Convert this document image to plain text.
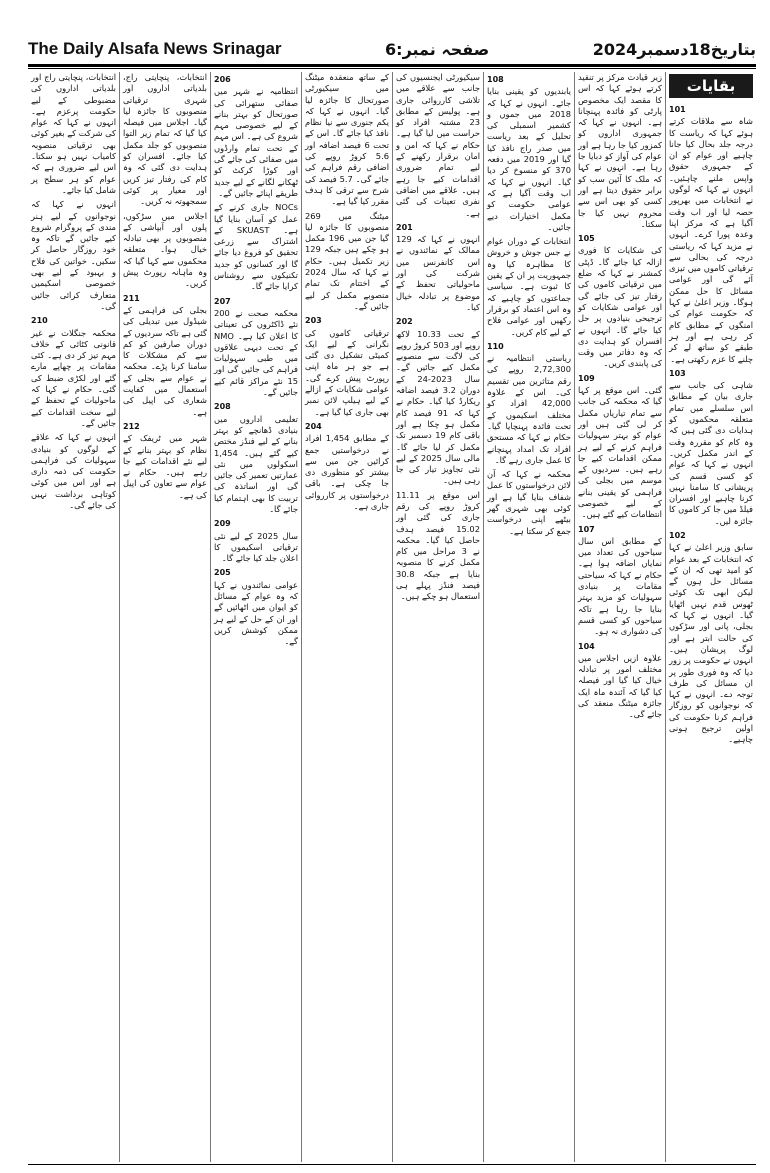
The Daily Alsafa News Srinagar	صفحہ نمبر:6	بتاریخ18دسمبر2024
بقایات
101

شاہ سے ملاقات کرتے ہوئے کہا کہ ریاست کا درجہ جلد بحال کیا جانا چاہیے اور عوام کو ان کے جمہوری حقوق واپس ملنے چاہئیں۔ انہوں نے کہا کہ لوگوں نے انتخابات میں بھرپور حصہ لیا اور اب وقت آگیا ہے کہ مرکز اپنا وعدہ پورا کرے۔ انہوں نے مزید کہا کہ ریاستی درجہ کی بحالی سے ترقیاتی کاموں میں تیزی آئے گی اور عوامی مسائل کا حل ممکن ہوگا۔ وزیر اعلیٰ نے کہا کہ حکومت عوام کی امنگوں کے مطابق کام کر رہی ہے اور ہر طبقے کو ساتھ لے کر چلنے کا عزم رکھتی ہے۔

103

شاہی کی جانب سے جاری بیان کے مطابق اس سلسلے میں تمام متعلقہ محکموں کو ہدایات دی گئی ہیں کہ وہ کام کو مقررہ وقت کے اندر مکمل کریں۔ انہوں نے کہا کہ عوام کو کسی قسم کی پریشانی کا سامنا نہیں کرنا چاہیے اور افسران فیلڈ میں جا کر کاموں کا جائزہ لیں۔

102

سابق وزیر اعلیٰ نے کہا کہ انتخابات کے بعد عوام کو امید تھی کہ ان کے مسائل حل ہوں گے لیکن ابھی تک کوئی ٹھوس قدم نہیں اٹھایا گیا۔ انہوں نے کہا کہ بجلی، پانی اور سڑکوں کی حالت ابتر ہے اور لوگ پریشان ہیں۔ انہوں نے حکومت پر زور دیا کہ وہ فوری طور پر ان مسائل کی طرف توجہ دے۔ انہوں نے کہا کہ نوجوانوں کو روزگار فراہم کرنا حکومت کی اولین ترجیح ہونی چاہیے۔

زیر قیادت مرکز پر تنقید کرتے ہوئے کہا کہ اس کا مقصد ایک مخصوص پارٹی کو فائدہ پہنچانا ہے۔ انہوں نے کہا کہ جمہوری اداروں کو کمزور کیا جا رہا ہے اور عوام کی آواز کو دبایا جا رہا ہے۔ انہوں نے کہا کہ ملک کا آئین سب کو برابر حقوق دیتا ہے اور کسی کو بھی اس سے محروم نہیں کیا جا سکتا۔

105

کی شکایات کا فوری ازالہ کیا جائے گا۔ ڈپٹی کمشنر نے کہا کہ ضلع میں ترقیاتی کاموں کی رفتار تیز کی جائے گی اور عوامی شکایات کو ترجیحی بنیادوں پر حل کیا جائے گا۔ انہوں نے افسران کو ہدایت دی کہ وہ دفاتر میں وقت کی پابندی کریں۔

109

گئی۔ اس موقع پر کہا گیا کہ محکمہ کی جانب سے تمام تیاریاں مکمل کر لی گئی ہیں اور عوام کو بہتر سہولیات فراہم کرنے کے لیے ہر ممکن اقدامات کیے جا رہے ہیں۔ سردیوں کے موسم میں بجلی کی فراہمی کو یقینی بنانے کے لیے خصوصی انتظامات کیے گئے ہیں۔

107

کے مطابق اس سال سیاحوں کی تعداد میں نمایاں اضافہ ہوا ہے۔ حکام نے کہا کہ سیاحتی مقامات پر بنیادی سہولیات کو مزید بہتر بنایا جا رہا ہے تاکہ سیاحوں کو کسی قسم کی دشواری نہ ہو۔

104

علاوہ ازیں اجلاس میں مختلف امور پر تبادلہ خیال کیا گیا اور فیصلہ کیا گیا کہ آئندہ ماہ ایک جائزہ میٹنگ منعقد کی جائے گی۔

108

یابندیوں کو یقینی بنایا جائے۔ انہوں نے کہا کہ 2018 میں جموں و کشمیر اسمبلی کی تحلیل کے بعد ریاست میں صدر راج نافذ کیا گیا اور 2019 میں دفعہ 370 کو منسوخ کر دیا گیا۔ انہوں نے کہا کہ اب وقت آگیا ہے کہ عوامی حکومت کو مکمل اختیارات دیے جائیں۔

انتخابات کے دوران عوام نے جس جوش و خروش کا مظاہرہ کیا وہ جمہوریت پر ان کے یقین کا ثبوت ہے۔ سیاسی جماعتوں کو چاہیے کہ وہ اس اعتماد کو برقرار رکھیں اور عوامی فلاح کے لیے کام کریں۔

110

ریاستی انتظامیہ نے 2,72,300 روپے کی رقم متاثرین میں تقسیم کی۔ اس کے علاوہ 42,000 افراد کو مختلف اسکیموں کے تحت فائدہ پہنچایا گیا۔ حکام نے کہا کہ مستحق افراد تک امداد پہنچانے کا عمل جاری رہے گا۔

محکمہ نے کہا کہ آن لائن درخواستوں کا عمل شفاف بنایا گیا ہے اور کوئی بھی شہری گھر بیٹھے اپنی درخواست جمع کر سکتا ہے۔

سیکیورٹی ایجنسیوں کی جانب سے علاقے میں تلاشی کارروائی جاری ہے۔ پولیس کے مطابق 23 مشتبہ افراد کو حراست میں لیا گیا ہے۔ حکام نے کہا کہ امن و امان برقرار رکھنے کے لیے تمام ضروری اقدامات کیے جا رہے ہیں۔ علاقے میں اضافی نفری تعینات کی گئی ہے۔

201

انہوں نے کہا کہ 129 ممالک کے نمائندوں نے اس کانفرنس میں شرکت کی اور ماحولیاتی تحفظ کے موضوع پر تبادلہ خیال کیا۔

202

کے تحت 10.33 لاکھ روپے اور 503 کروڑ روپے کی لاگت سے منصوبے مکمل کیے جائیں گے۔ سال 2023-24 کے دوران 3.2 فیصد اضافہ ریکارڈ کیا گیا۔ حکام نے کہا کہ 91 فیصد کام مکمل ہو چکا ہے اور باقی کام 19 دسمبر تک مکمل کر لیا جائے گا۔ مالی سال 2025 کے لیے نئی تجاویز تیار کی جا رہی ہیں۔

اس موقع پر 11.11 کروڑ روپے کی رقم جاری کی گئی اور 15.02 فیصد ہدف حاصل کیا گیا۔ محکمہ نے 3 مراحل میں کام مکمل کرنے کا منصوبہ بنایا ہے جبکہ 30.8 فیصد فنڈز پہلے ہی استعمال ہو چکے ہیں۔

کے ساتھ منعقدہ میٹنگ میں سیکیورٹی صورتحال کا جائزہ لیا گیا۔ انہوں نے کہا کہ یکم جنوری سے نیا نظام نافذ کیا جائے گا۔ اس کے تحت 6 فیصد اضافہ اور 5.6 کروڑ روپے کی اضافی رقم فراہم کی جائے گی۔ 5.7 فیصد کی شرح سے ترقی کا ہدف مقرر کیا گیا ہے۔

میٹنگ میں 269 منصوبوں کا جائزہ لیا گیا جن میں 196 مکمل ہو چکے ہیں جبکہ 129 زیر تکمیل ہیں۔ حکام نے کہا کہ سال 2024 کے اختتام تک تمام منصوبے مکمل کر لیے جائیں گے۔

203

ترقیاتی کاموں کی نگرانی کے لیے ایک کمیٹی تشکیل دی گئی ہے جو ہر ماہ اپنی رپورٹ پیش کرے گی۔ عوامی شکایات کے ازالے کے لیے ہیلپ لائن نمبر بھی جاری کیا گیا ہے۔

204

کے مطابق 1,454 افراد نے درخواستیں جمع کرائیں جن میں سے بیشتر کو منظوری دی جا چکی ہے۔ باقی درخواستوں پر کارروائی جاری ہے۔

206

انتظامیہ نے شہر میں صفائی ستھرائی کی صورتحال کو بہتر بنانے کے لیے خصوصی مہم شروع کی ہے۔ اس مہم کے تحت تمام وارڈوں میں صفائی کی جائے گی اور کوڑا کرکٹ کو ٹھکانے لگانے کے لیے جدید طریقے اپنائے جائیں گے۔

NOCs جاری کرنے کے عمل کو آسان بنایا گیا ہے۔ SKUAST کے اشتراک سے زرعی تحقیق کو فروغ دیا جائے گا اور کسانوں کو جدید تکنیکوں سے روشناس کرایا جائے گا۔

207

محکمہ صحت نے 200 نئے ڈاکٹروں کی تعیناتی کا اعلان کیا ہے۔ NMO کے تحت دیہی علاقوں میں طبی سہولیات فراہم کی جائیں گی اور 15 نئے مراکز قائم کیے جائیں گے۔

208

تعلیمی اداروں میں بنیادی ڈھانچے کو بہتر بنانے کے لیے فنڈز مختص کیے گئے ہیں۔ 1,454 اسکولوں میں نئی عمارتیں تعمیر کی جائیں گی اور اساتذہ کی تربیت کا بھی اہتمام کیا جائے گا۔

209

سال 2025 کے لیے نئی ترقیاتی اسکیموں کا اعلان جلد کیا جائے گا۔

205

عوامی نمائندوں نے کہا کہ وہ عوام کے مسائل کو ایوان میں اٹھائیں گے اور ان کے حل کے لیے ہر ممکن کوشش کریں گے۔

انتخابات، پنچایتی راج، بلدیاتی اداروں اور شہری ترقیاتی منصوبوں کا جائزہ لیا گیا۔ اجلاس میں فیصلہ کیا گیا کہ تمام زیر التوا منصوبوں کو جلد مکمل کیا جائے۔ افسران کو ہدایت دی گئی کہ وہ کام کی رفتار تیز کریں اور معیار پر کوئی سمجھوتہ نہ کریں۔

اجلاس میں سڑکوں، پلوں اور آبپاشی کے منصوبوں پر بھی تبادلہ خیال ہوا۔ متعلقہ محکموں سے کہا گیا کہ وہ ماہانہ رپورٹ پیش کریں۔

211

بجلی کی فراہمی کے شیڈول میں تبدیلی کی گئی ہے تاکہ سردیوں کے دوران صارفین کو کم سے کم مشکلات کا سامنا کرنا پڑے۔ محکمہ نے عوام سے بجلی کے استعمال میں کفایت شعاری کی اپیل کی ہے۔

212

شہر میں ٹریفک کے نظام کو بہتر بنانے کے لیے نئے اقدامات کیے جا رہے ہیں۔ حکام نے عوام سے تعاون کی اپیل کی ہے۔

انتخابات، پنچایتی راج اور بلدیاتی اداروں کی مضبوطی کے لیے حکومت پرعزم ہے۔ انہوں نے کہا کہ عوام کی شرکت کے بغیر کوئی بھی ترقیاتی منصوبہ کامیاب نہیں ہو سکتا۔ اس لیے ضروری ہے کہ عوام کو ہر سطح پر شامل کیا جائے۔

انہوں نے کہا کہ نوجوانوں کے لیے ہنر مندی کے پروگرام شروع کیے جائیں گے تاکہ وہ خود روزگار حاصل کر سکیں۔ خواتین کی فلاح و بہبود کے لیے بھی خصوصی اسکیمیں متعارف کرائی جائیں گی۔

210

محکمہ جنگلات نے غیر قانونی کٹائی کے خلاف مہم تیز کر دی ہے۔ کئی مقامات پر چھاپے مارے گئے اور لکڑی ضبط کی گئی۔ حکام نے کہا کہ ماحولیات کے تحفظ کے لیے سخت اقدامات کیے جائیں گے۔

انہوں نے کہا کہ علاقے کے لوگوں کو بنیادی سہولیات کی فراہمی حکومت کی ذمہ داری ہے اور اس میں کوئی کوتاہی برداشت نہیں کی جائے گی۔
